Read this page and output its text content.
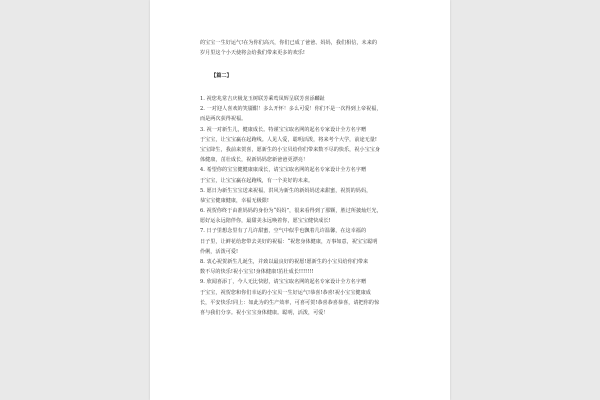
的宝宝一生好运气!在为你们高兴，你们已成了爸爸、妈妈，我们相信，未来的
岁月里这个小天使将会给我们带来更多的欢乐!
【篇二】
1. 祝您兆常吉庆极龙玉树联芳乘鸾凤辉呈联芳喜添麟趾
2. 一对迎人喜欢的笑靥酣！多么开怀！多么可爱！你们不是一次得到上帝祝福，
而是两次获得祝福。
3. 祝一对新生儿，健康成长。特谨宝宝取名网的起名专家设计全方名字赠
于宝宝，让宝宝赢在起跑线。人见人爱，聪明活泼，将来考个大学，前途无量!
宝宝降生，我前来贺喜，愿新生的小宝贝给你们带来数不尽的快乐，祝小宝宝身
体健康，茁壮成长，祝新妈妈您新爸爸更漂亮！
4. 希望你的宝宝健健康康成长，请宝宝取名网的起名专家设计全方名字赠
于宝宝，让宝宝赢在起跑线，有一个美好的未来。
5. 愿日为新生宝宝送来祝福，洪风为新生的新妈妈送来甜蜜，祝贺的妈妈，
恭宝宝健康健康，幸福无极限!
6. 祝贺你终于由准妈妈的身份为“妈妈”，很来看得到了那颗，胜过所披灿烂光，
愿好运永远陪伴你，最甜美永远唤着你，愿宝宝健快成长!
7. 日子里想念里有了几许甜蜜，空气中似乎也飘着几许温馨，在这幸福的
日子里，让鲜花给您带去美好的祝福：“祝您身体健康，万事如意，祝宝宝聪明
伶俐，活泼可爱!
8. 衷心祝贺新生儿诞生，并致以最良好的祝愿!愿新生的小宝贝给你们带来
数不尽的快乐!祝小宝宝!身体健康!茁壮成长!!!!!!!
9. 欣闻喜添丁，今人无比快慰，请宝宝取名网的起名专家设计全方名字赠
于宝宝，祝贺您和你们幸运的小宝贝一生好运气!恭喜!恭喜!祝小宝宝健康成
长，平安快乐!同上：如此为的生产效率，可喜可贺!恭喜恭喜恭喜，请把你的惊
喜与我们分享。祝小宝宝身体健康。聪明，活泼，可爱！
